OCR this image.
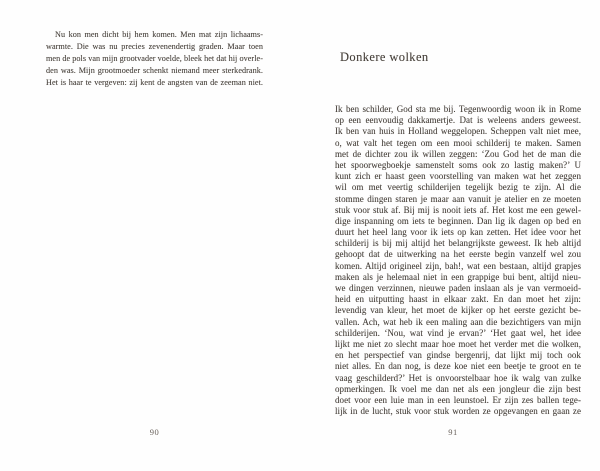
Nu kon men dicht bij hem komen. Men mat zijn lichaams-
warmte. Die was nu precies zevenendertig graden. Maar toen
men de pols van mijn grootvader voelde, bleek het dat hij overle-
den was. Mijn grootmoeder schenkt niemand meer sterkedrank.
Het is haar te vergeven: zij kent de angsten van de zeeman niet.
90
Donkere wolken
Ik ben schilder, God sta me bij. Tegenwoordig woon ik in Rome
op een eenvoudig dakkamertje. Dat is weleens anders geweest.
Ik ben van huis in Holland weggelopen. Scheppen valt niet mee,
o, wat valt het tegen om een mooi schilderij te maken. Samen
met de dichter zou ik willen zeggen: ‘Zou God het de man die
het spoorwegboekje samenstelt soms ook zo lastig maken?’ U
kunt zich er haast geen voorstelling van maken wat het zeggen
wil om met veertig schilderijen tegelijk bezig te zijn. Al die
stomme dingen staren je maar aan vanuit je atelier en ze moeten
stuk voor stuk af. Bij mij is nooit iets af. Het kost me een gewel-
dige inspanning om iets te beginnen. Dan lig ik dagen op bed en
duurt het heel lang voor ik iets op kan zetten. Het idee voor het
schilderij is bij mij altijd het belangrijkste geweest. Ik heb altijd
gehoopt dat de uitwerking na het eerste begin vanzelf wel zou
komen. Altijd origineel zijn, bah!, wat een bestaan, altijd grapjes
maken als je helemaal niet in een grappige bui bent, altijd nieu-
we dingen verzinnen, nieuwe paden inslaan als je van vermoeid-
heid en uitputting haast in elkaar zakt. En dan moet het zijn:
levendig van kleur, het moet de kijker op het eerste gezicht be-
vallen. Ach, wat heb ik een maling aan die bezichtigers van mijn
schilderijen. ‘Nou, wat vind je ervan?’ ‘Het gaat wel, het idee
lijkt me niet zo slecht maar hoe moet het verder met die wolken,
en het perspectief van gindse bergenrij, dat lijkt mij toch ook
niet alles. En dan nog, is deze koe niet een beetje te groot en te
vaag geschilderd?’ Het is onvoorstelbaar hoe ik walg van zulke
opmerkingen. Ik voel me dan net als een jongleur die zijn best
doet voor een luie man in een leunstoel. Er zijn zes ballen tege-
lijk in de lucht, stuk voor stuk worden ze opgevangen en gaan ze
91
